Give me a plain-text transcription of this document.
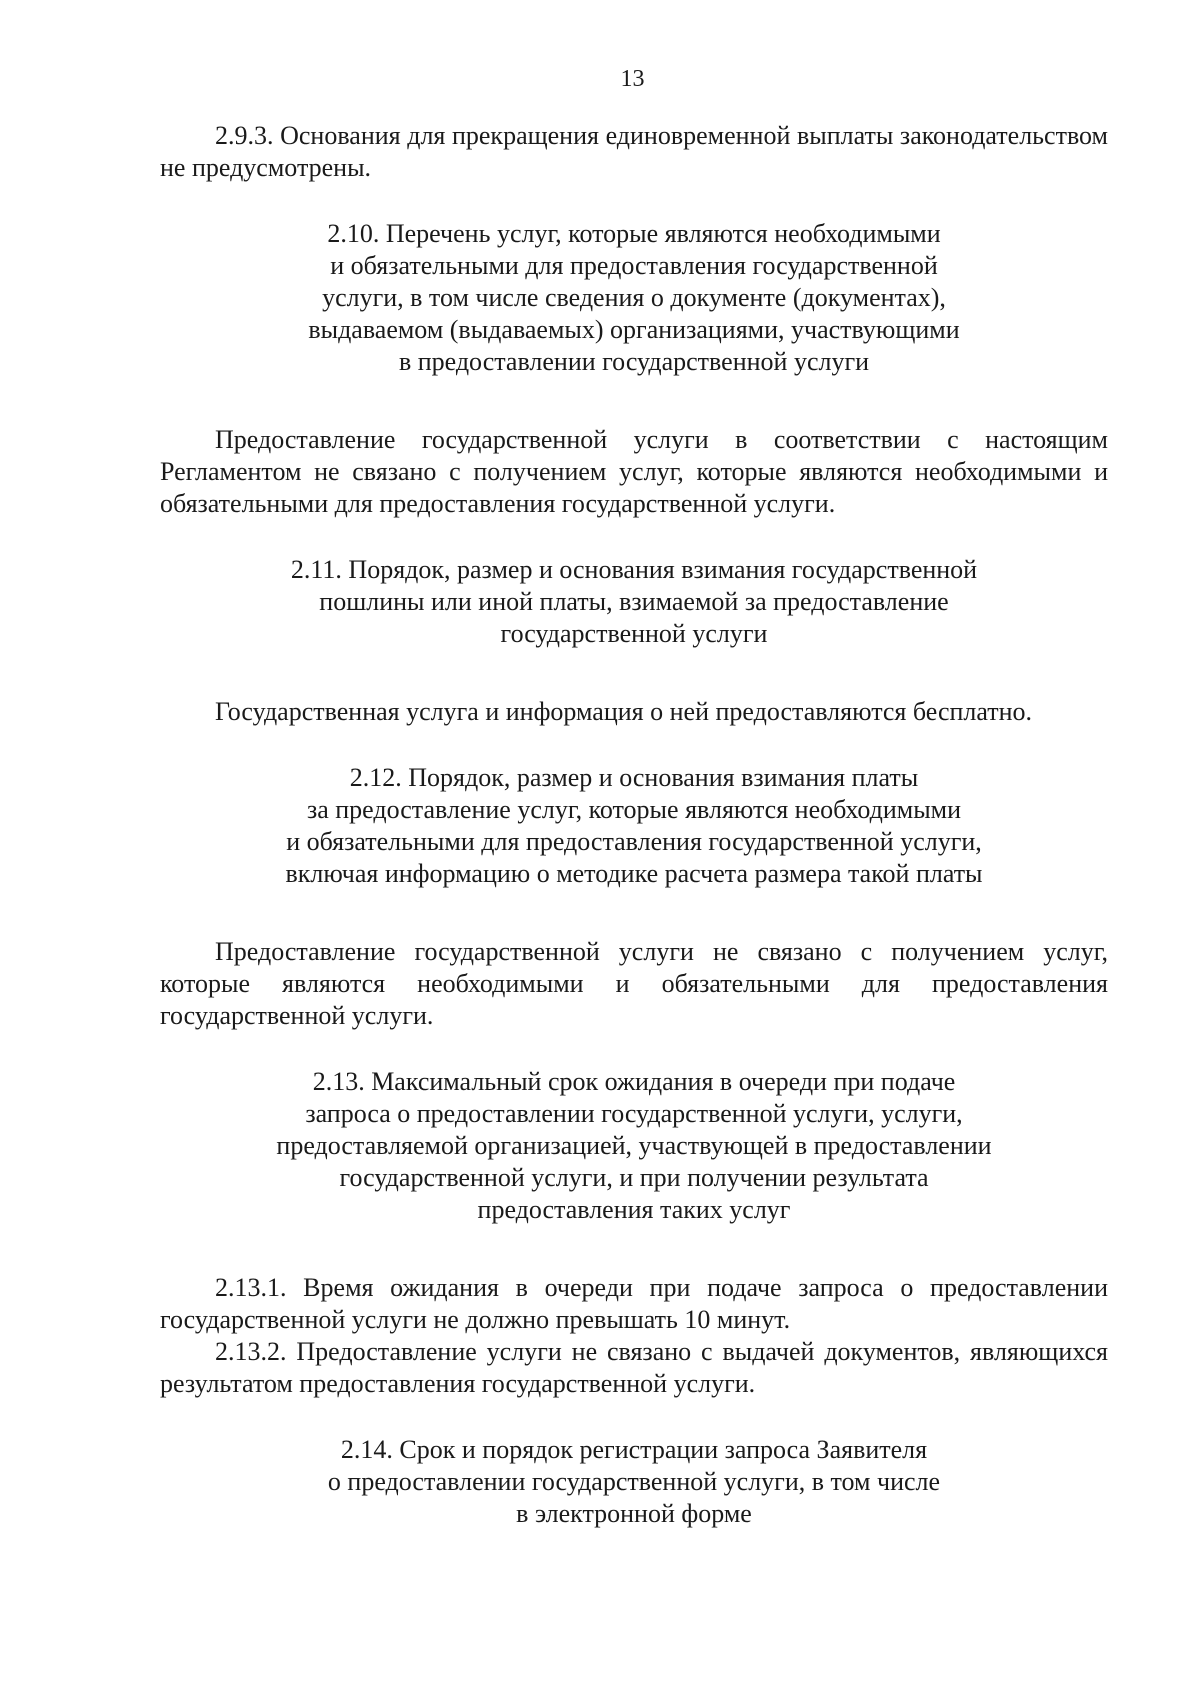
13

2.9.3. Основания для прекращения единовременной выплаты законодательством не предусмотрены.

2.10. Перечень услуг, которые являются необходимыми
и обязательными для предоставления государственной
услуги, в том числе сведения о документе (документах),
выдаваемом (выдаваемых) организациями, участвующими
в предоставлении государственной услуги

Предоставление государственной услуги в соответствии с настоящим Регламентом не связано с получением услуг, которые являются необходимыми и обязательными для предоставления государственной услуги.

2.11. Порядок, размер и основания взимания государственной
пошлины или иной платы, взимаемой за предоставление
государственной услуги

Государственная услуга и информация о ней предоставляются бесплатно.

2.12. Порядок, размер и основания взимания платы
за предоставление услуг, которые являются необходимыми
и обязательными для предоставления государственной услуги,
включая информацию о методике расчета размера такой платы

Предоставление государственной услуги не связано с получением услуг, которые являются необходимыми и обязательными для предоставления государственной услуги.

2.13. Максимальный срок ожидания в очереди при подаче
запроса о предоставлении государственной услуги, услуги,
предоставляемой организацией, участвующей в предоставлении
государственной услуги, и при получении результата
предоставления таких услуг

2.13.1. Время ожидания в очереди при подаче запроса о предоставлении государственной услуги не должно превышать 10 минут.

2.13.2. Предоставление услуги не связано с выдачей документов, являющихся результатом предоставления государственной услуги.

2.14. Срок и порядок регистрации запроса Заявителя
о предоставлении государственной услуги, в том числе
в электронной форме
